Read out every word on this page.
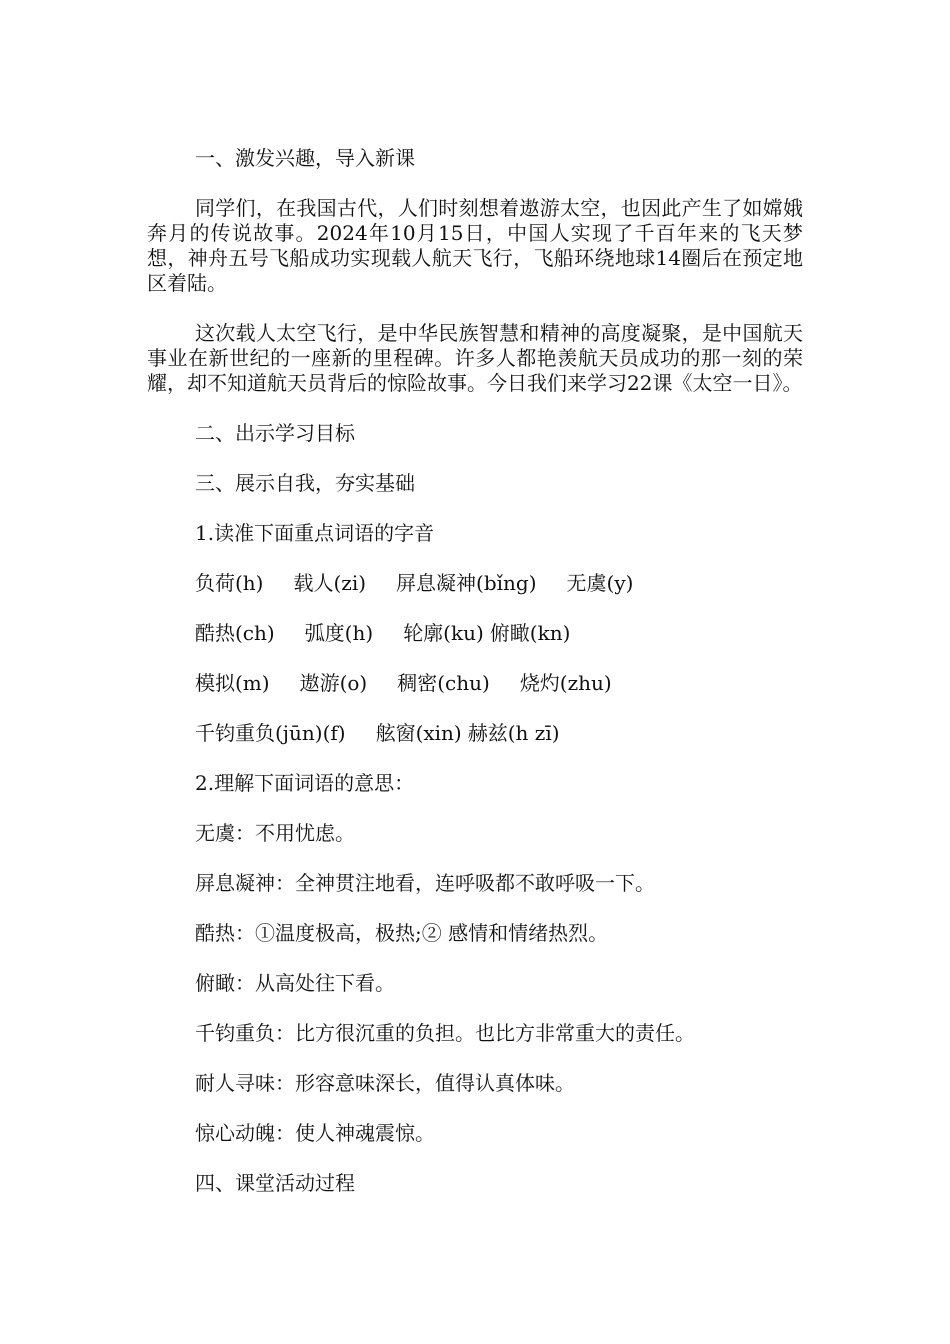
一、激发兴趣，导入新课

同学们，在我国古代，人们时刻想着遨游太空，也因此产生了如嫦娥奔月的传说故事。2024年10月15日，中国人实现了千百年来的飞天梦想，神舟五号飞船成功实现载人航天飞行，飞船环绕地球14圈后在预定地区着陆。

这次载人太空飞行，是中华民族智慧和精神的高度凝聚，是中国航天事业在新世纪的一座新的里程碑。许多人都艳羡航天员成功的那一刻的荣耀，却不知道航天员背后的惊险故事。今日我们来学习22课《太空一日》。

二、出示学习目标

三、展示自我，夯实基础

1.读准下面重点词语的字音

负荷(h) 载人(zi) 屏息凝神(bǐng) 无虞(y)
酷热(ch) 弧度(h) 轮廓(ku) 俯瞰(kn)
模拟(m) 遨游(o) 稠密(chu) 烧灼(zhu)
千钧重负(jūn)(f) 舷窗(xin) 赫兹(h zī)

2.理解下面词语的意思：

无虞：不用忧虑。

屏息凝神：全神贯注地看，连呼吸都不敢呼吸一下。

酷热：①温度极高，极热;② 感情和情绪热烈。

俯瞰：从高处往下看。

千钧重负：比方很沉重的负担。也比方非常重大的责任。

耐人寻味：形容意味深长，值得认真体味。

惊心动魄：使人神魂震惊。

四、课堂活动过程
